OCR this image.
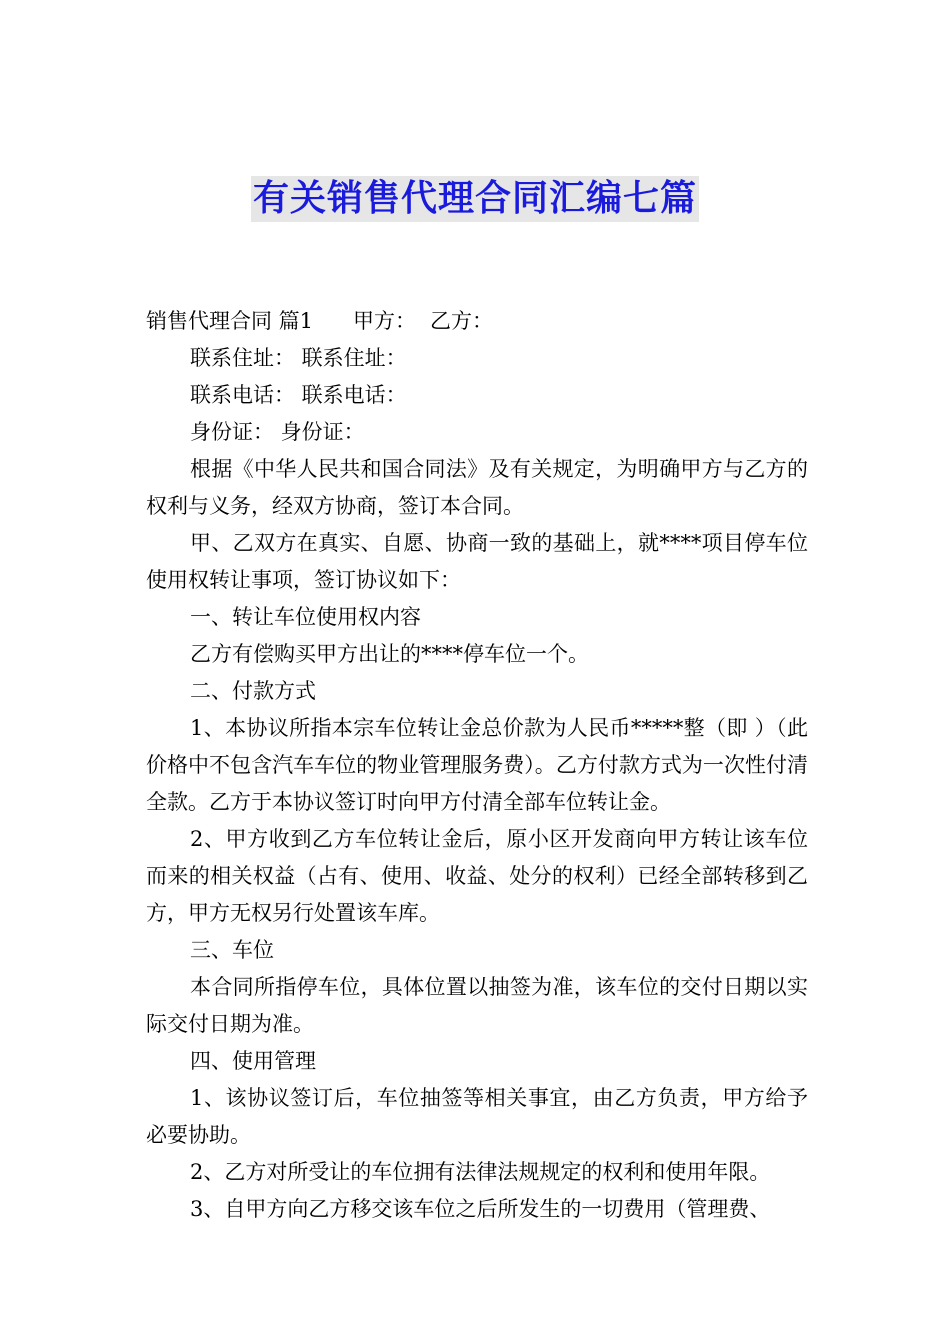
有关销售代理合同汇编七篇

销售代理合同 篇1 甲方： 乙方：

联系住址： 联系住址：

联系电话： 联系电话：

身份证： 身份证：

根据《中华人民共和国合同法》及有关规定，为明确甲方与乙方的权利与义务，经双方协商，签订本合同。

甲、乙双方在真实、自愿、协商一致的基础上，就****项目停车位使用权转让事项，签订协议如下：

一、转让车位使用权内容

乙方有偿购买甲方出让的****停车位一个。

二、付款方式

1、本协议所指本宗车位转让金总价款为人民币*****整（即 ）（此价格中不包含汽车车位的物业管理服务费）。乙方付款方式为一次性付清全款。乙方于本协议签订时向甲方付清全部车位转让金。

2、甲方收到乙方车位转让金后，原小区开发商向甲方转让该车位而来的相关权益（占有、使用、收益、处分的权利）已经全部转移到乙方，甲方无权另行处置该车库。

三、车位

本合同所指停车位，具体位置以抽签为准，该车位的交付日期以实际交付日期为准。

四、使用管理

1、该协议签订后，车位抽签等相关事宜，由乙方负责，甲方给予必要协助。

2、乙方对所受让的车位拥有法律法规规定的权利和使用年限。

3、自甲方向乙方移交该车位之后所发生的一切费用（管理费、
